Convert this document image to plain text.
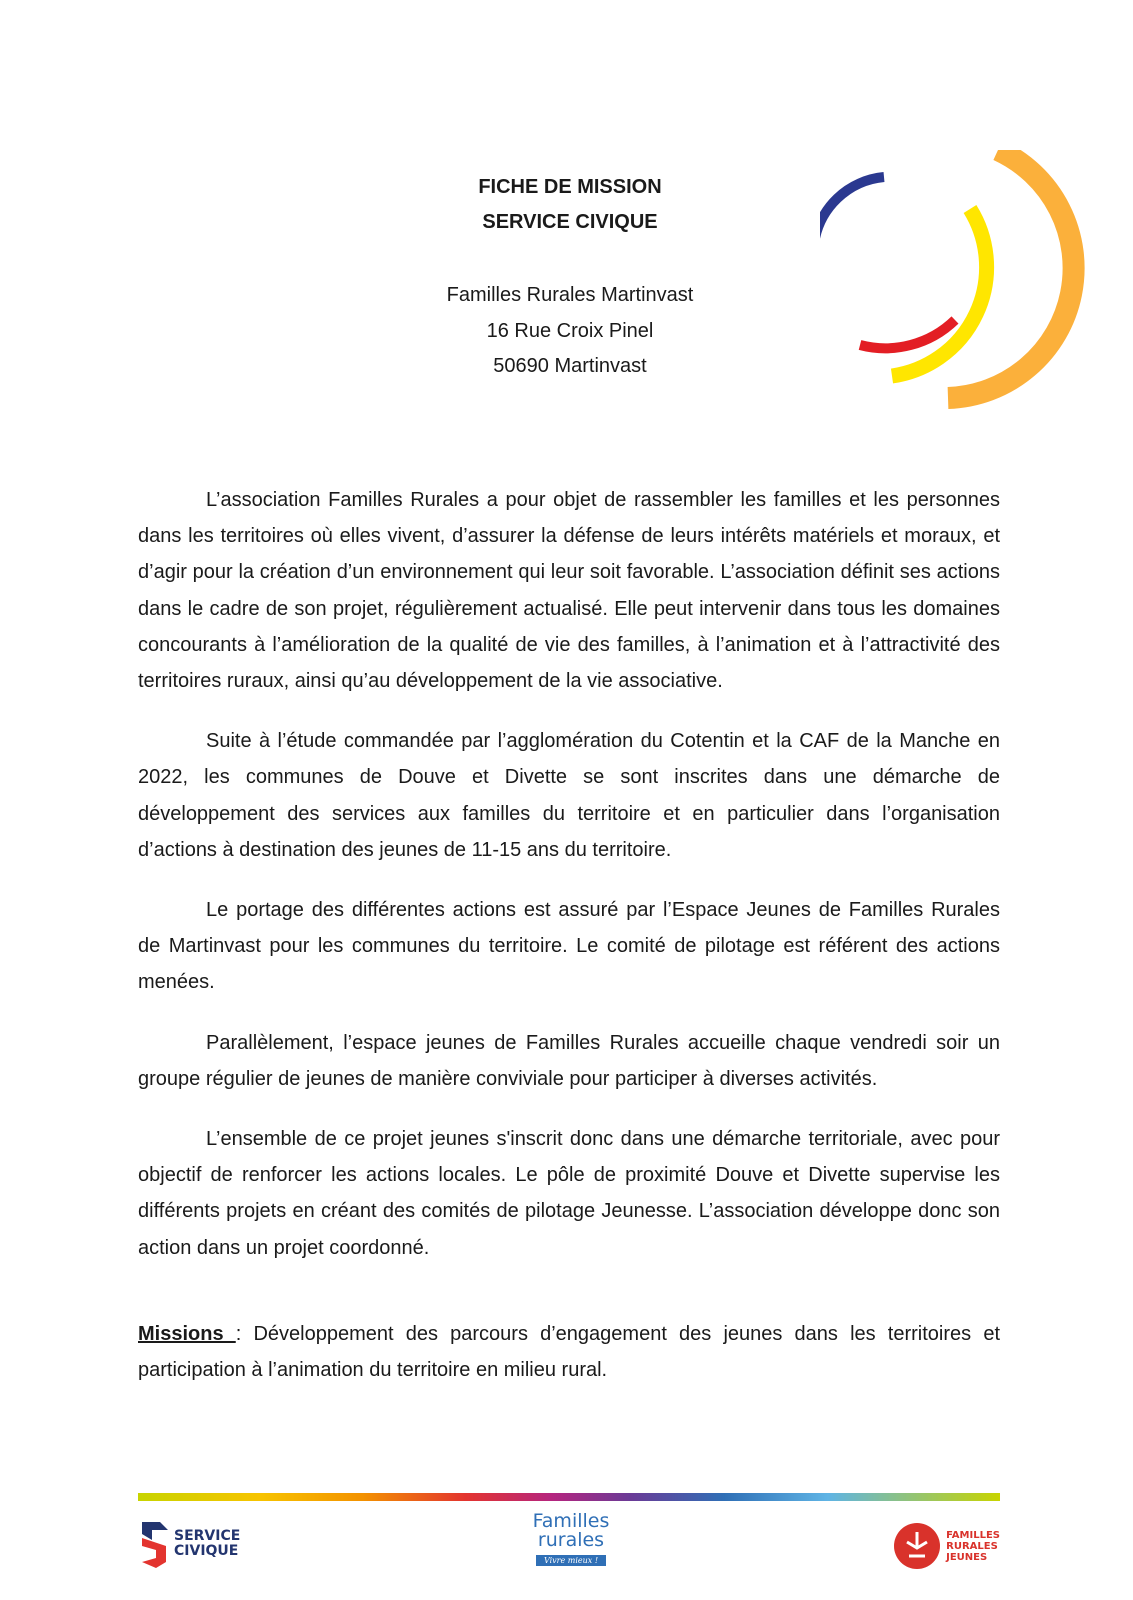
FICHE DE MISSION
SERVICE CIVIQUE
Familles Rurales Martinvast
16 Rue Croix Pinel
50690 Martinvast

L’association Familles Rurales a pour objet de rassembler les familles et les personnes dans les territoires où elles vivent, d’assurer la défense de leurs intérêts matériels et moraux, et d’agir pour la création d’un environnement qui leur soit favorable. L’association définit ses actions dans le cadre de son projet, régulièrement actualisé. Elle peut intervenir dans tous les domaines concourants à l’amélioration de la qualité de vie des familles, à l’animation et à l’attractivité des territoires ruraux, ainsi qu’au développement de la vie associative.

Suite à l’étude commandée par l’agglomération du Cotentin et la CAF de la Manche en 2022, les communes de Douve et Divette se sont inscrites dans une démarche de développement des services aux familles du territoire et en particulier dans l’organisation d’actions à destination des jeunes de 11-15 ans du territoire.

Le portage des différentes actions est assuré par l’Espace Jeunes de Familles Rurales de Martinvast pour les communes du territoire. Le comité de pilotage est référent des actions menées.

Parallèlement, l’espace jeunes de Familles Rurales accueille chaque vendredi soir un groupe régulier de jeunes de manière conviviale pour participer à diverses activités.

L’ensemble de ce projet jeunes s'inscrit donc dans une démarche territoriale, avec pour objectif de renforcer les actions locales. Le pôle de proximité Douve et Divette supervise les différents projets en créant des comités de pilotage Jeunesse. L’association développe donc son action dans un projet coordonné.

Missions : Développement des parcours d’engagement des jeunes dans les territoires et participation à l’animation du territoire en milieu rural.

SERVICE
CIVIQUE
Familles
rurales
Vivre mieux !
FAMILLES
RURALES
JEUNES
